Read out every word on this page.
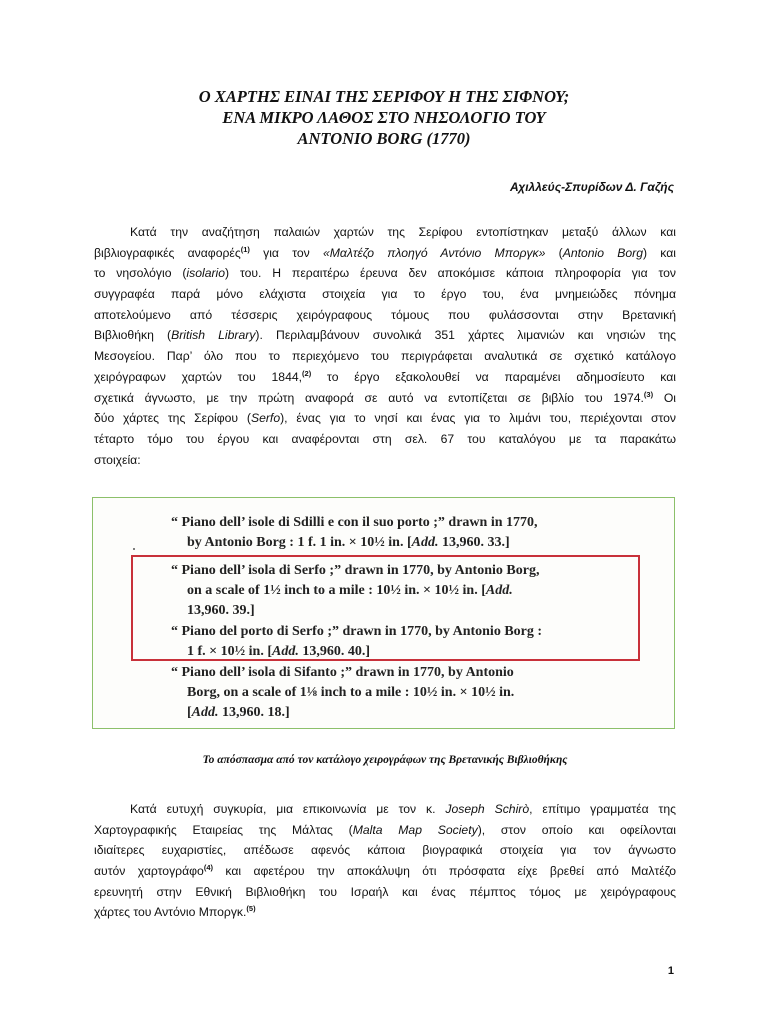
Ο ΧΑΡΤΗΣ ΕΙΝΑΙ ΤΗΣ ΣΕΡΙΦΟΥ Η ΤΗΣ ΣΙΦΝΟΥ;
ΕΝΑ ΜΙΚΡΟ ΛΑΘΟΣ ΣΤΟ ΝΗΣΟΛΟΓΙΟ ΤΟΥ
ANTONIO BORG (1770)
Αχιλλεύς-Σπυρίδων Δ. Γαζής
Κατά την αναζήτηση παλαιών χαρτών της Σερίφου εντοπίστηκαν μεταξύ άλλων και
βιβλιογραφικές αναφορές$^{(1)}$ για τον «Μαλτέζο πλοηγό Αντόνιο Μποργκ» (Antonio Borg) και
το νησολόγιο (isolario) του. Η περαιτέρω έρευνα δεν αποκόμισε κάποια πληροφορία για τον
συγγραφέα παρά μόνο ελάχιστα στοιχεία για το έργο του, ένα μνημειώδες πόνημα
αποτελούμενο από τέσσερις χειρόγραφους τόμους που φυλάσσονται στην Βρετανική
Βιβλιοθήκη (British Library). Περιλαμβάνουν συνολικά 351 χάρτες λιμανιών και νησιών της
Μεσογείου. Παρ’ όλο που το περιεχόμενο του περιγράφεται αναλυτικά σε σχετικό κατάλογο
χειρόγραφων χαρτών του 1844,$^{(2)}$ το έργο εξακολουθεί να παραμένει αδημοσίευτο και
σχετικά άγνωστο, με την πρώτη αναφορά σε αυτό να εντοπίζεται σε βιβλίο του 1974.$^{(3)}$ Οι
δύο χάρτες της Σερίφου (Serfo), ένας για το νησί και ένας για το λιμάνι του, περιέχονται στον
τέταρτο τόμο του έργου και αναφέρονται στη σελ. 67 του καταλόγου με τα παρακάτω
στοιχεία:
“ Piano dell’ isole di Sdilli e con il suo porto ;” drawn in 1770,
by Antonio Borg : 1 f. 1 in. × 10½ in. [Add. 13,960. 33.]
“ Piano dell’ isola di Serfo ;” drawn in 1770, by Antonio Borg,
on a scale of 1½ inch to a mile : 10½ in. × 10½ in. [Add.
13,960. 39.]
“ Piano del porto di Serfo ;” drawn in 1770, by Antonio Borg :
1 f. × 10½ in. [Add. 13,960. 40.]
“ Piano dell’ isola di Sifanto ;” drawn in 1770, by Antonio
Borg, on a scale of 1⅛ inch to a mile : 10½ in. × 10½ in.
[Add. 13,960. 18.]
Το απόσπασμα από τον κατάλογο χειρογράφων της Βρετανικής Βιβλιοθήκης
Κατά ευτυχή συγκυρία, μια επικοινωνία με τον κ. Joseph Schirò, επίτιμο γραμματέα της
Χαρτογραφικής Εταιρείας της Μάλτας (Malta Map Society), στον οποίο και οφείλονται
ιδιαίτερες ευχαριστίες, απέδωσε αφενός κάποια βιογραφικά στοιχεία για τον άγνωστο
αυτόν χαρτογράφο$^{(4)}$ και αφετέρου την αποκάλυψη ότι πρόσφατα είχε βρεθεί από Μαλτέζο
ερευνητή στην Εθνική Βιβλιοθήκη του Ισραήλ και ένας πέμπτος τόμος με χειρόγραφους
χάρτες του Αντόνιο Μποργκ.$^{(5)}$
1
